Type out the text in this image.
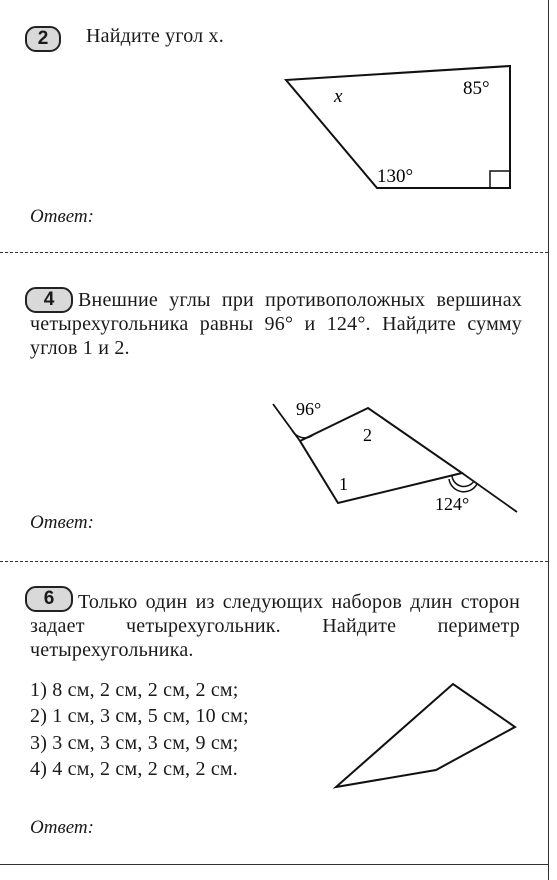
2	Найдите угол x.
x	85°
130°
Ответ:
4	Внешние углы при противоположных вершинах четырехугольника равны 96° и 124°. Найдите сумму углов 1 и 2.
96°
124°
2
1
Ответ:
6	Только один из следующих наборов длин сторон задает четырехугольник. Найдите периметр четырехугольника.
1) 8 см, 2 см, 2 см, 2 см;
2) 1 см, 3 см, 5 см, 10 см;
3) 3 см, 3 см, 3 см, 9 см;
4) 4 см, 2 см, 2 см, 2 см.
Ответ:
